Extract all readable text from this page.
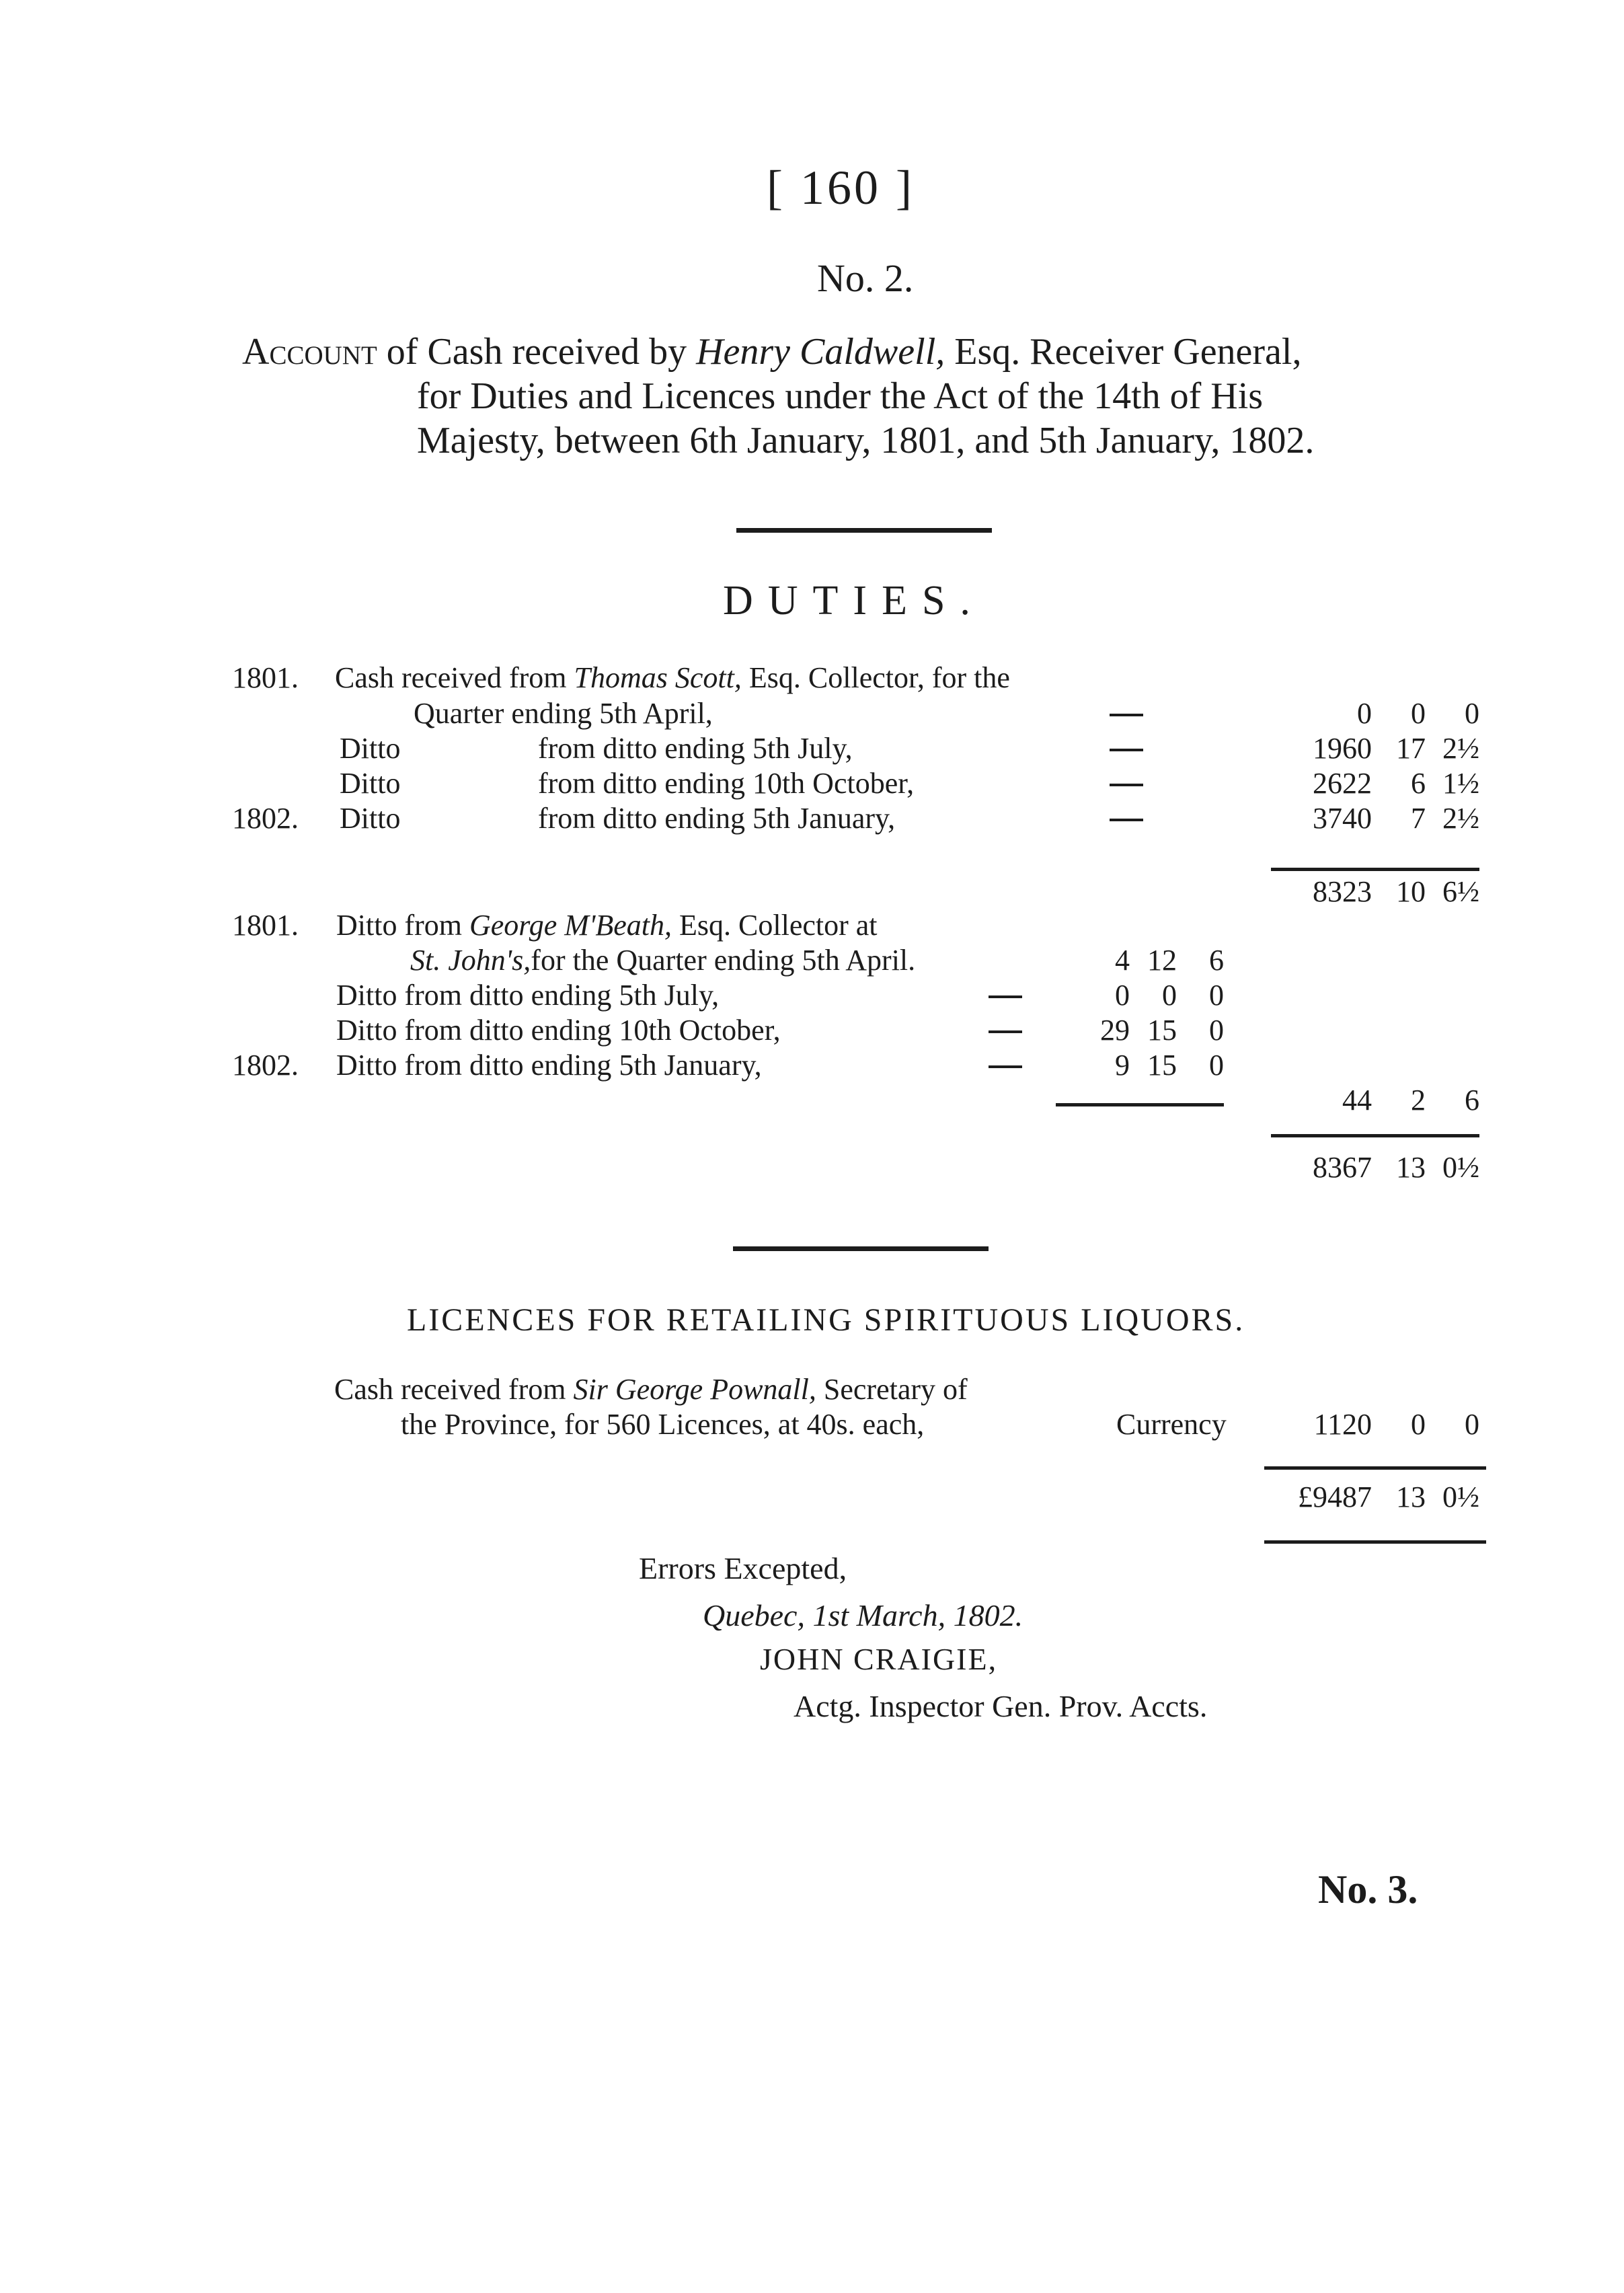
[ 160 ]
No. 2.
Account of Cash received by Henry Caldwell, Esq. Receiver General,
for Duties and Licences under the Act of the 14th of His
Majesty, between 6th January, 1801, and 5th January, 1802.
DUTIES.
1801. Cash received from Thomas Scott, Esq. Collector, for the
Quarter ending 5th April,	0	0	0
Ditto	from ditto ending 5th July,	1960 17 2½
Ditto	from ditto ending 10th October,	2622	6 1½
1802. Ditto	from ditto ending 5th January,	3740	7 2½
8323 10 6½
1801. Ditto from George M'Beath, Esq. Collector at
St. John's,for the Quarter ending 5th April.	4 12	6
Ditto from ditto ending 5th July,	0	0	0
Ditto from ditto ending 10th October,	29 15	0
1802. Ditto from ditto ending 5th January,	9 15	0
44	2	6
8367 13 0½
LICENCES FOR RETAILING SPIRITUOUS LIQUORS.
Cash received from Sir George Pownall, Secretary of
the Province, for 560 Licences, at 40s. each,	Currency	1120	0	0
£9487 13 0½
Errors Excepted,
Quebec, 1st March, 1802.
JOHN CRAIGIE,
Actg. Inspector Gen. Prov. Accts.
No. 3.
